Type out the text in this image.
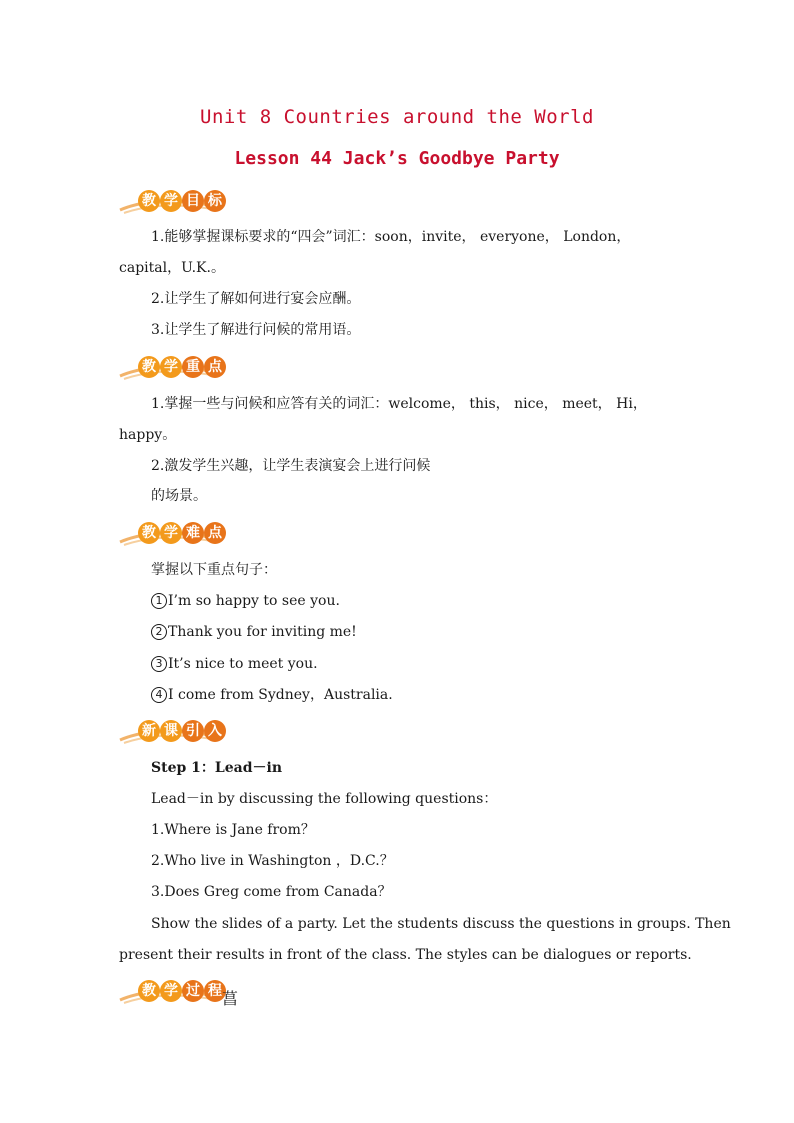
Unit 8 Countries around the World
Lesson 44 Jack’s Goodbye Party
教 学 目 标
1.能够掌握课标要求的“四会”词汇：soon，invite， everyone， London，
capital，U.K.。
2.让学生了解如何进行宴会应酬。
3.让学生了解进行问候的常用语。
教 学 重 点
1.掌握一些与问候和应答有关的词汇：welcome， this， nice， meet， Hi，
happy。
2.激发学生兴趣，让学生表演宴会上进行问候
的场景。
教 学 难 点
掌握以下重点句子：
1 I’m so happy to see you.
2 Thank you for inviting me!
3 It’s nice to meet you.
4 I come from Sydney，Australia.
新 课 引 入
Step 1：Lead－in
Lead－in by discussing the following questions：
1.Where is Jane from？
2.Who live in Washington ，D.C.？
3.Does Greg come from Canada？
Show the slides of a party. Let the students discuss the questions in groups. Then
present their results in front of the class. The styles can be dialogues or reports.
教 学 过 程 菖
